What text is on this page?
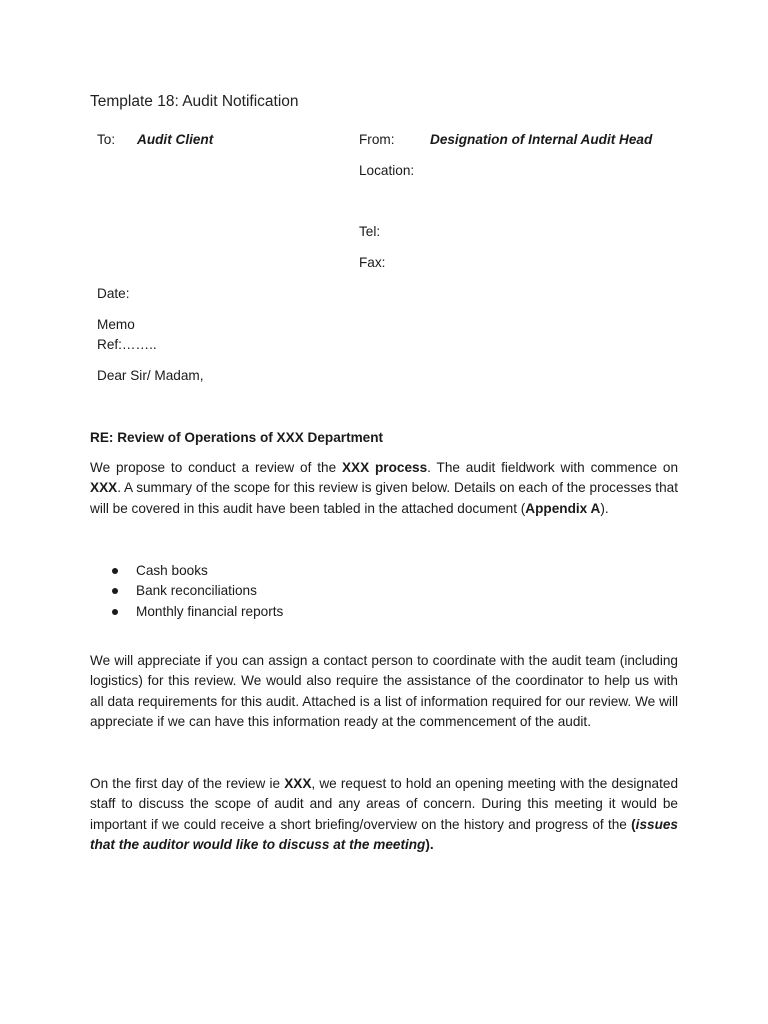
Template 18: Audit Notification
To: Audit Client	From:	Designation of Internal Audit Head
Location:
Tel:
Fax:
Date:
Memo
Ref:……..
Dear Sir/ Madam,
RE: Review of Operations of XXX Department
We propose to conduct a review of the XXX process. The audit fieldwork with commence on XXX. A summary of the scope for this review is given below. Details on each of the processes that will be covered in this audit have been tabled in the attached document (Appendix A).
Cash books
Bank reconciliations
Monthly financial reports
We will appreciate if you can assign a contact person to coordinate with the audit team (including logistics) for this review. We would also require the assistance of the coordinator to help us with all data requirements for this audit. Attached is a list of information required for our review. We will appreciate if we can have this information ready at the commencement of the audit.
On the first day of the review ie XXX, we request to hold an opening meeting with the designated staff to discuss the scope of audit and any areas of concern. During this meeting it would be important if we could receive a short briefing/overview on the history and progress of the (issues that the auditor would like to discuss at the meeting).
